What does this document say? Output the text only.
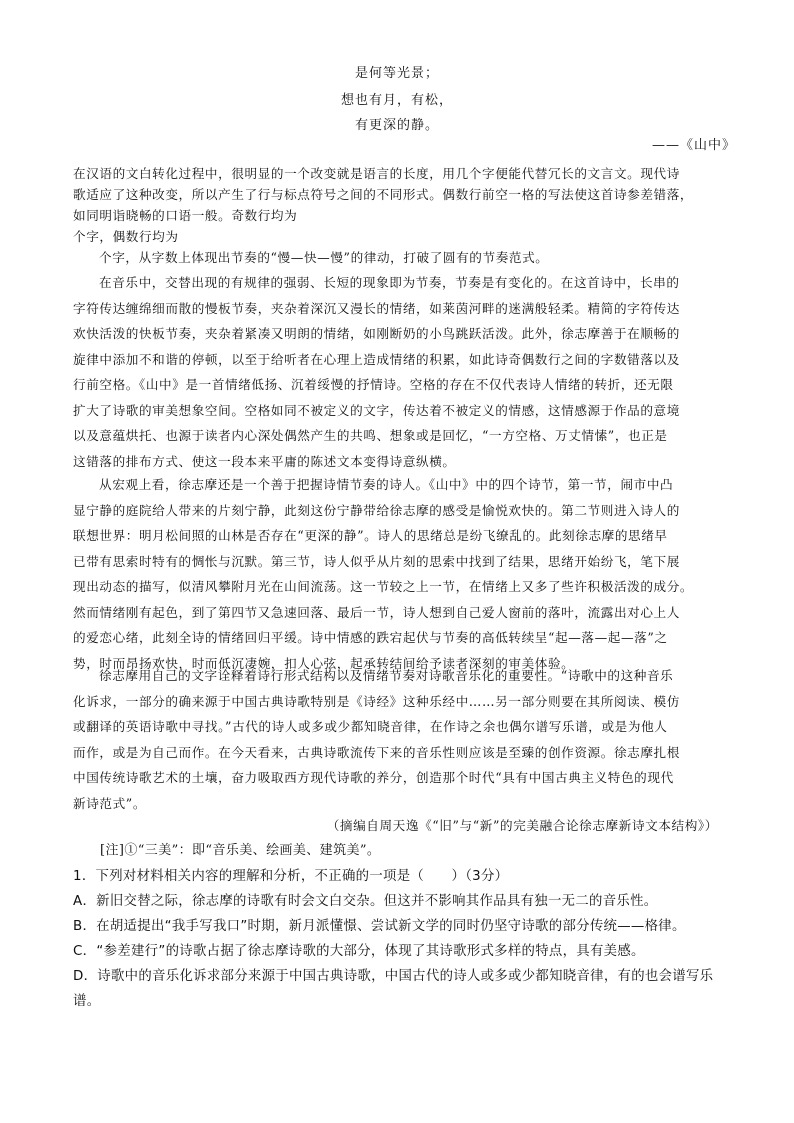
是何等光景；
想也有月，有松，
有更深的静。
——《山中》
在汉语的文白转化过程中，很明显的一个改变就是语言的长度，用几个字便能代替冗长的文言文。现代诗
歌适应了这种改变，所以产生了行与标点符号之间的不同形式。偶数行前空一格的写法使这首诗参差错落，
如同明诣晓畅的口语一般。奇数行均为
个字，偶数行均为
个字，从字数上体现出节奏的“慢—快—慢”的律动，打破了圆有的节奏范式。
在音乐中，交替出现的有规律的强弱、长短的现象即为节奏，节奏是有变化的。在这首诗中，长串的
字符传达缠绵细而散的慢板节奏，夹杂着深沉又漫长的情绪，如莱茵河畔的迷满般轻柔。精简的字符传达
欢快活泼的快板节奏，夹杂着紧凑又明朗的情绪，如刚断奶的小鸟跳跃活泼。此外，徐志摩善于在顺畅的
旋律中添加不和谐的停顿，以至于给听者在心理上造成情绪的积累，如此诗奇偶数行之间的字数错落以及
行前空格。《山中》是一首情绪低扬、沉着绥慢的抒情诗。空格的存在不仅代表诗人情绪的转折，还无限
扩大了诗歌的审美想象空间。空格如同不被定义的文字，传达着不被定义的情感，这情感源于作品的意境
以及意蕴烘托、也源于读者内心深处偶然产生的共鸣、想象或是回忆，“一方空格、万丈情愫”，也正是
这错落的排布方式、使这一段本来平庸的陈述文本变得诗意纵横。
从宏观上看，徐志摩还是一个善于把握诗情节奏的诗人。《山中》中的四个诗节，第一节，闹市中凸
显宁静的庭院给人带来的片刻宁静，此刻这份宁静带给徐志摩的感受是愉悦欢快的。第二节则进入诗人的
联想世界：明月松间照的山林是否存在“更深的静”。诗人的思绪总是纷飞缭乱的。此刻徐志摩的思绪早
已带有思索时特有的惆怅与沉默。第三节，诗人似乎从片刻的思索中找到了结果，思绪开始纷飞，笔下展
现出动态的描写，似清风攀附月光在山间流荡。这一节较之上一节，在情绪上又多了些许积极活泼的成分。
然而情绪刚有起色，到了第四节又急速回落、最后一节，诗人想到自己爱人窗前的落叶，流露出对心上人
的爱恋心绪，此刻全诗的情绪回归平缓。诗中情感的跌宕起伏与节奏的高低转续呈“起—落—起—落”之
势，时而昂扬欢快，时而低沉凄婉，扣人心弦，起承转结间给予读者深刻的审美体验。
徐志摩用自己的文字诠释着诗行形式结构以及情绪节奏对诗歌音乐化的重要性。“诗歌中的这种音乐
化诉求，一部分的确来源于中国古典诗歌特别是《诗经》这种乐经中……另一部分则要在其所阅读、模仿
或翻译的英语诗歌中寻找。”古代的诗人或多或少都知晓音律，在作诗之余也偶尔谱写乐谱，或是为他人
而作，或是为自己而作。在今天看来，古典诗歌流传下来的音乐性则应该是至臻的创作资源。徐志摩扎根
中国传统诗歌艺术的土壤，奋力吸取西方现代诗歌的养分，创造那个时代“具有中国古典主义特色的现代
新诗范式”。
（摘编自周天逸《“旧”与“新”的完美融合论徐志摩新诗文本结构》）
[注]①“三美”：即“音乐美、绘画美、建筑美”。
1．下列对材料相关内容的理解和分析，不正确的一项是（　　）（3分）
A．新旧交替之际，徐志摩的诗歌有时会文白交杂。但这并不影响其作品具有独一无二的音乐性。
B．在胡适提出“我手写我口”时期，新月派懂憬、尝试新文学的同时仍坚守诗歌的部分传统——格律。
C．“参差建行”的诗歌占据了徐志摩诗歌的大部分，体现了其诗歌形式多样的特点，具有美感。
D．诗歌中的音乐化诉求部分来源于中国古典诗歌，中国古代的诗人或多或少都知晓音律，有的也会谱写乐
谱。
